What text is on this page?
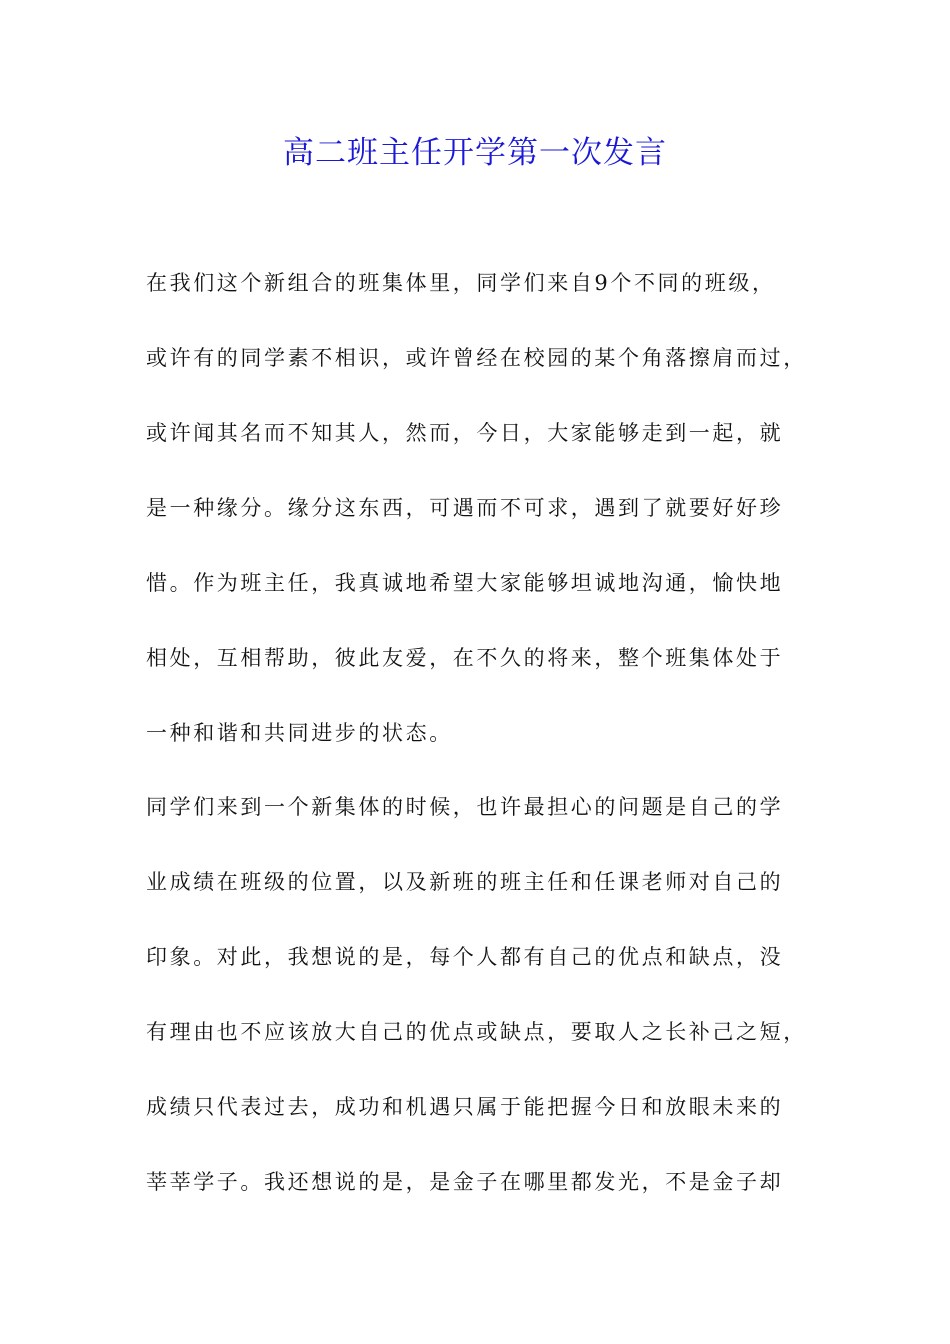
高二班主任开学第一次发言
在我们这个新组合的班集体里，同学们来自9个不同的班级，
或许有的同学素不相识，或许曾经在校园的某个角落擦肩而过，
或许闻其名而不知其人，然而，今日，大家能够走到一起，就
是一种缘分。缘分这东西，可遇而不可求，遇到了就要好好珍
惜。作为班主任，我真诚地希望大家能够坦诚地沟通，愉快地
相处，互相帮助，彼此友爱，在不久的将来，整个班集体处于
一种和谐和共同进步的状态。
同学们来到一个新集体的时候，也许最担心的问题是自己的学
业成绩在班级的位置，以及新班的班主任和任课老师对自己的
印象。对此，我想说的是，每个人都有自己的优点和缺点，没
有理由也不应该放大自己的优点或缺点，要取人之长补己之短，
成绩只代表过去，成功和机遇只属于能把握今日和放眼未来的
莘莘学子。我还想说的是，是金子在哪里都发光，不是金子却
